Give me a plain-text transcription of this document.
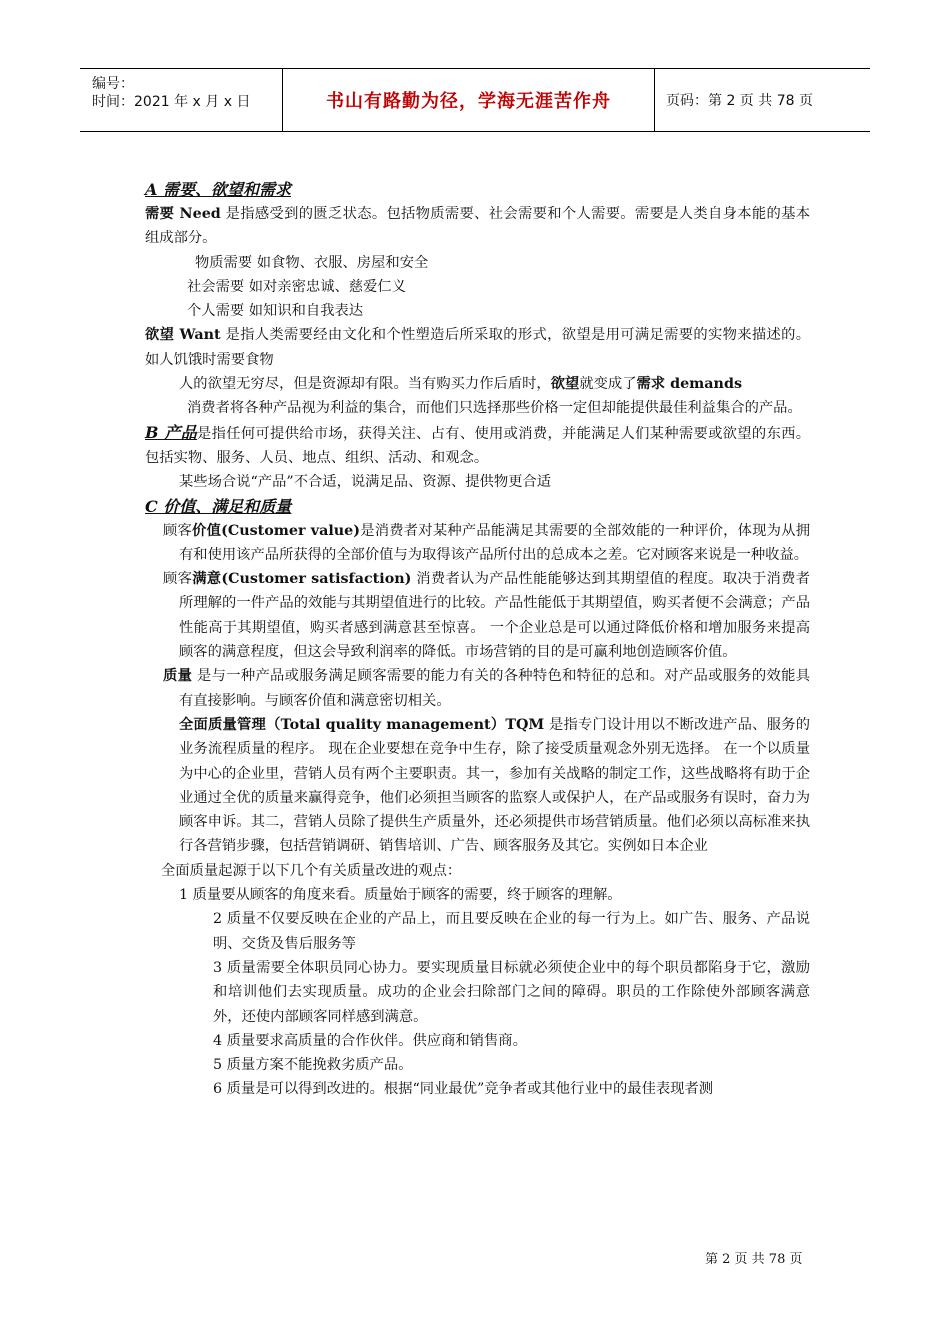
编号：
时间：2021 年 x 月 x 日	书山有路勤为径，学海无涯苦作舟	页码：第 2 页 共 78 页

A 需要、欲望和需求

需要 Need 是指感受到的匮乏状态。包括物质需要、社会需要和个人需要。需要是人类自身本能的基本组成部分。

物质需要 如食物、衣服、房屋和安全

社会需要 如对亲密忠诚、慈爱仁义

个人需要 如知识和自我表达

欲望 Want 是指人类需要经由文化和个性塑造后所采取的形式，欲望是用可满足需要的实物来描述的。 如人饥饿时需要食物

人的欲望无穷尽，但是资源却有限。当有购买力作后盾时，欲望就变成了需求 demands

消费者将各种产品视为利益的集合，而他们只选择那些价格一定但却能提供最佳利益集合的产品。

B 产品是指任何可提供给市场，获得关注、占有、使用或消费，并能满足人们某种需要或欲望的东西。包括实物、服务、人员、地点、组织、活动、和观念。

某些场合说“产品”不合适，说满足品、资源、提供物更合适

C 价值、满足和质量

顾客价值(Customer value)是消费者对某种产品能满足其需要的全部效能的一种评价，体现为从拥有和使用该产品所获得的全部价值与为取得该产品所付出的总成本之差。它对顾客来说是一种收益。

顾客满意(Customer satisfaction) 消费者认为产品性能能够达到其期望值的程度。取决于消费者所理解的一件产品的效能与其期望值进行的比较。产品性能低于其期望值，购买者便不会满意；产品性能高于其期望值，购买者感到满意甚至惊喜。 一个企业总是可以通过降低价格和增加服务来提高顾客的满意程度，但这会导致利润率的降低。市场营销的目的是可赢利地创造顾客价值。

质量 是与一种产品或服务满足顾客需要的能力有关的各种特色和特征的总和。对产品或服务的效能具有直接影响。与顾客价值和满意密切相关。

全面质量管理（Total quality management）TQM 是指专门设计用以不断改进产品、服务的业务流程质量的程序。 现在企业要想在竞争中生存，除了接受质量观念外别无选择。 在一个以质量为中心的企业里，营销人员有两个主要职责。其一，参加有关战略的制定工作，这些战略将有助于企业通过全优的质量来赢得竞争，他们必须担当顾客的监察人或保护人，在产品或服务有误时，奋力为顾客申诉。其二，营销人员除了提供生产质量外，还必须提供市场营销质量。他们必须以高标准来执行各营销步骤，包括营销调研、销售培训、广告、顾客服务及其它。实例如日本企业

全面质量起源于以下几个有关质量改进的观点：

1 质量要从顾客的角度来看。质量始于顾客的需要，终于顾客的理解。

2 质量不仅要反映在企业的产品上，而且要反映在企业的每一行为上。如广告、服务、产品说明、交货及售后服务等

3 质量需要全体职员同心协力。要实现质量目标就必须使企业中的每个职员都陷身于它，激励和培训他们去实现质量。成功的企业会扫除部门之间的障碍。职员的工作除使外部顾客满意外，还使内部顾客同样感到满意。

4 质量要求高质量的合作伙伴。供应商和销售商。

5 质量方案不能挽救劣质产品。

6 质量是可以得到改进的。根据“同业最优”竞争者或其他行业中的最佳表现者测

第 2 页 共 78 页
